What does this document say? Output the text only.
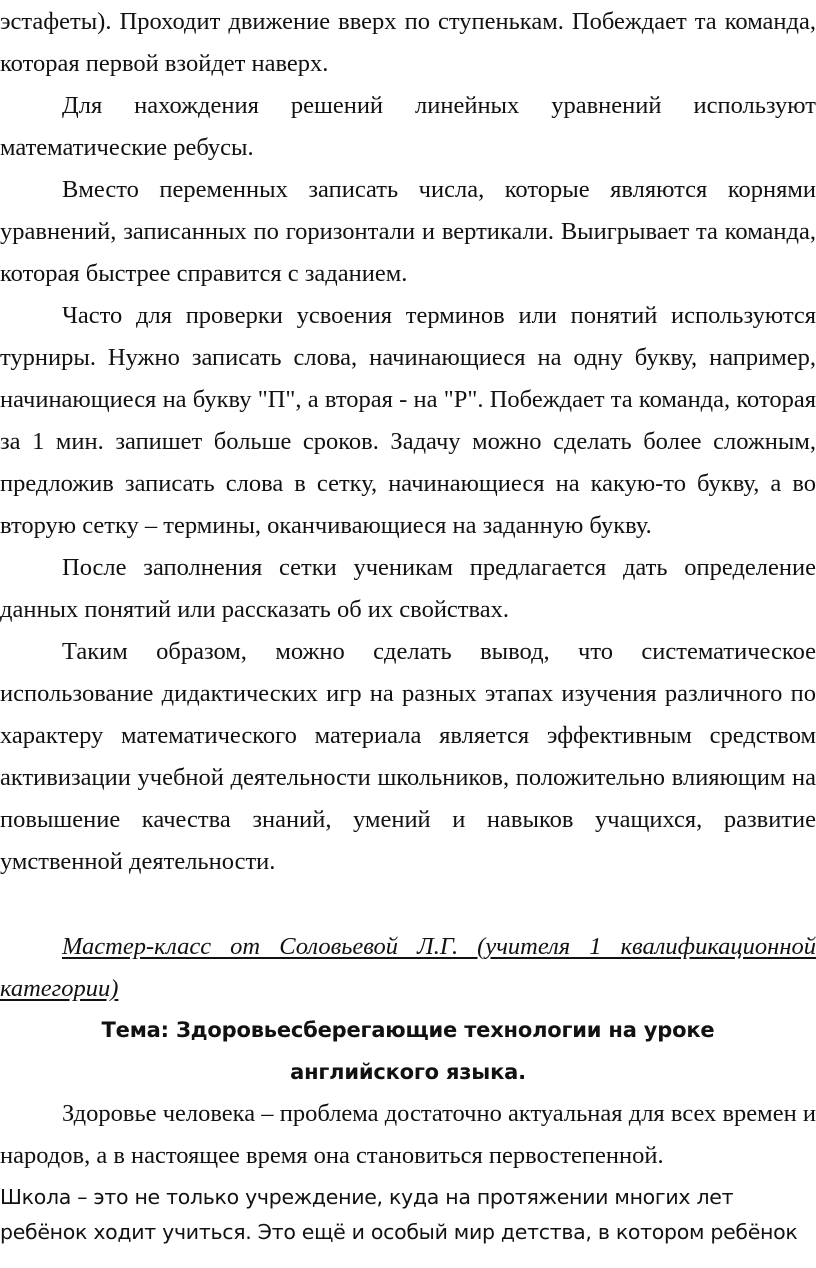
эстафеты). Проходит движение вверх по ступенькам. Побеждает та команда, которая первой взойдет наверх.

Для нахождения решений линейных уравнений используют математические ребусы.

Вместо переменных записать числа, которые являются корнями уравнений, записанных по горизонтали и вертикали. Выигрывает та команда, которая быстрее справится с заданием.

Часто для проверки усвоения терминов или понятий используются турниры. Нужно записать слова, начинающиеся на одну букву, например, начинающиеся на букву "П", а вторая - на "Р". Побеждает та команда, которая за 1 мин. запишет больше сроков. Задачу можно сделать более сложным, предложив записать слова в сетку, начинающиеся на какую-то букву, а во вторую сетку – термины, оканчивающиеся на заданную букву.

После заполнения сетки ученикам предлагается дать определение данных понятий или рассказать об их свойствах.

Таким образом, можно сделать вывод, что систематическое использование дидактических игр на разных этапах изучения различного по характеру математического материала является эффективным средством активизации учебной деятельности школьников, положительно влияющим на повышение качества знаний, умений и навыков учащихся, развитие умственной деятельности.

Мастер-класс от Соловьевой Л.Г. (учителя 1 квалификационной категории)

Тема: Здоровьесберегающие технологии на уроке английского языка.

Здоровье человека – проблема достаточно актуальная для всех времен и народов, а в настоящее время она становиться первостепенной.

Школа – это не только учреждение, куда на протяжении многих лет ребёнок ходит учиться. Это ещё и особый мир детства, в котором ребёнок
